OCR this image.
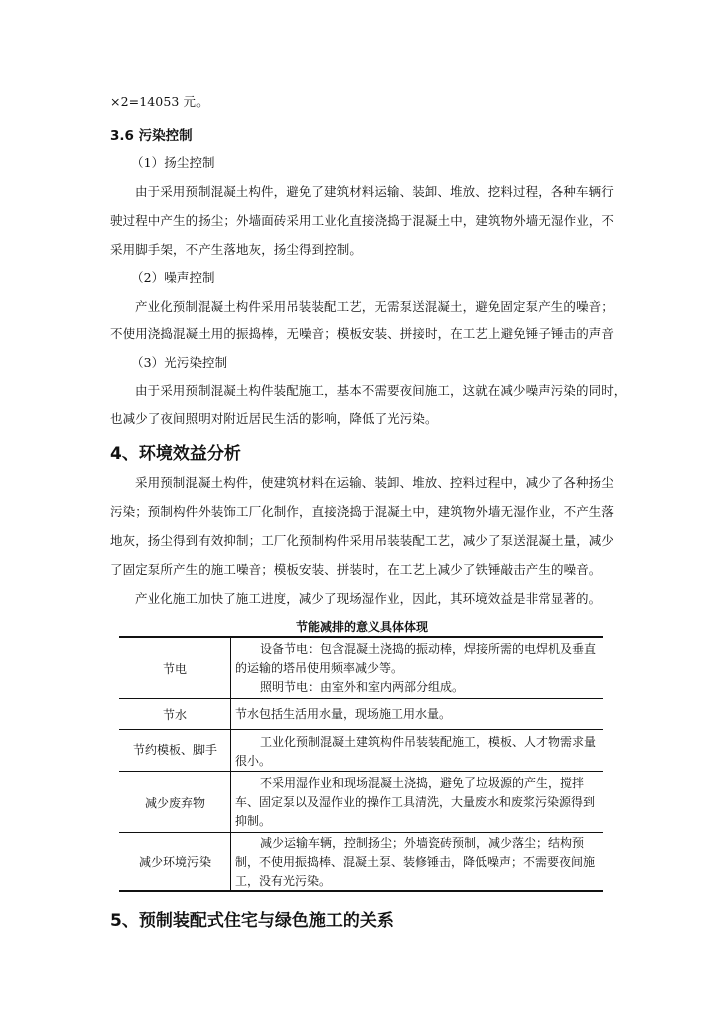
×2=14053 元。
3.6 污染控制
（1）扬尘控制
由于采用预制混凝土构件，避免了建筑材料运输、装卸、堆放、挖料过程，各种车辆行
驶过程中产生的扬尘；外墙面砖采用工业化直接浇捣于混凝土中，建筑物外墙无湿作业，不
采用脚手架，不产生落地灰，扬尘得到控制。
（2）噪声控制
产业化预制混凝土构件采用吊装装配工艺，无需泵送混凝土，避免固定泵产生的噪音；
不使用浇捣混凝土用的振捣棒，无噪音；模板安装、拼接时，在工艺上避免锤子锤击的声音
（3）光污染控制
由于采用预制混凝土构件装配施工，基本不需要夜间施工，这就在减少噪声污染的同时，
也减少了夜间照明对附近居民生活的影响，降低了光污染。
4、环境效益分析
采用预制混凝土构件，使建筑材料在运输、装卸、堆放、控料过程中，减少了各种扬尘
污染；预制构件外装饰工厂化制作，直接浇捣于混凝土中，建筑物外墙无湿作业，不产生落
地灰，扬尘得到有效抑制；工厂化预制构件采用吊装装配工艺，减少了泵送混凝土量，减少
了固定泵所产生的施工噪音；模板安装、拼装时，在工艺上减少了铁锤敲击产生的噪音。
产业化施工加快了施工进度，减少了现场湿作业，因此，其环境效益是非常显著的。
节能减排的意义具体体现
节电

设备节电：包含混凝土浇捣的振动棒，焊接所需的电焊机及垂直的运输的塔吊使用频率减少等。

照明节电：由室外和室内两部分组成。

节水	节水包括生活用水量，现场施工用水量。

节约模板、脚手

工业化预制混凝土建筑构件吊装装配施工，模板、人才物需求量很小。

减少废弃物

不采用湿作业和现场混凝土浇捣，避免了垃圾源的产生，搅拌车、固定泵以及湿作业的操作工具清洗，大量废水和废浆污染源得到抑制。

减少环境污染

减少运输车辆，控制扬尘；外墙瓷砖预制，减少落尘；结构预制，不使用振捣棒、混凝土泵、装修锤击，降低噪声；不需要夜间施工，没有光污染。

5、预制装配式住宅与绿色施工的关系
